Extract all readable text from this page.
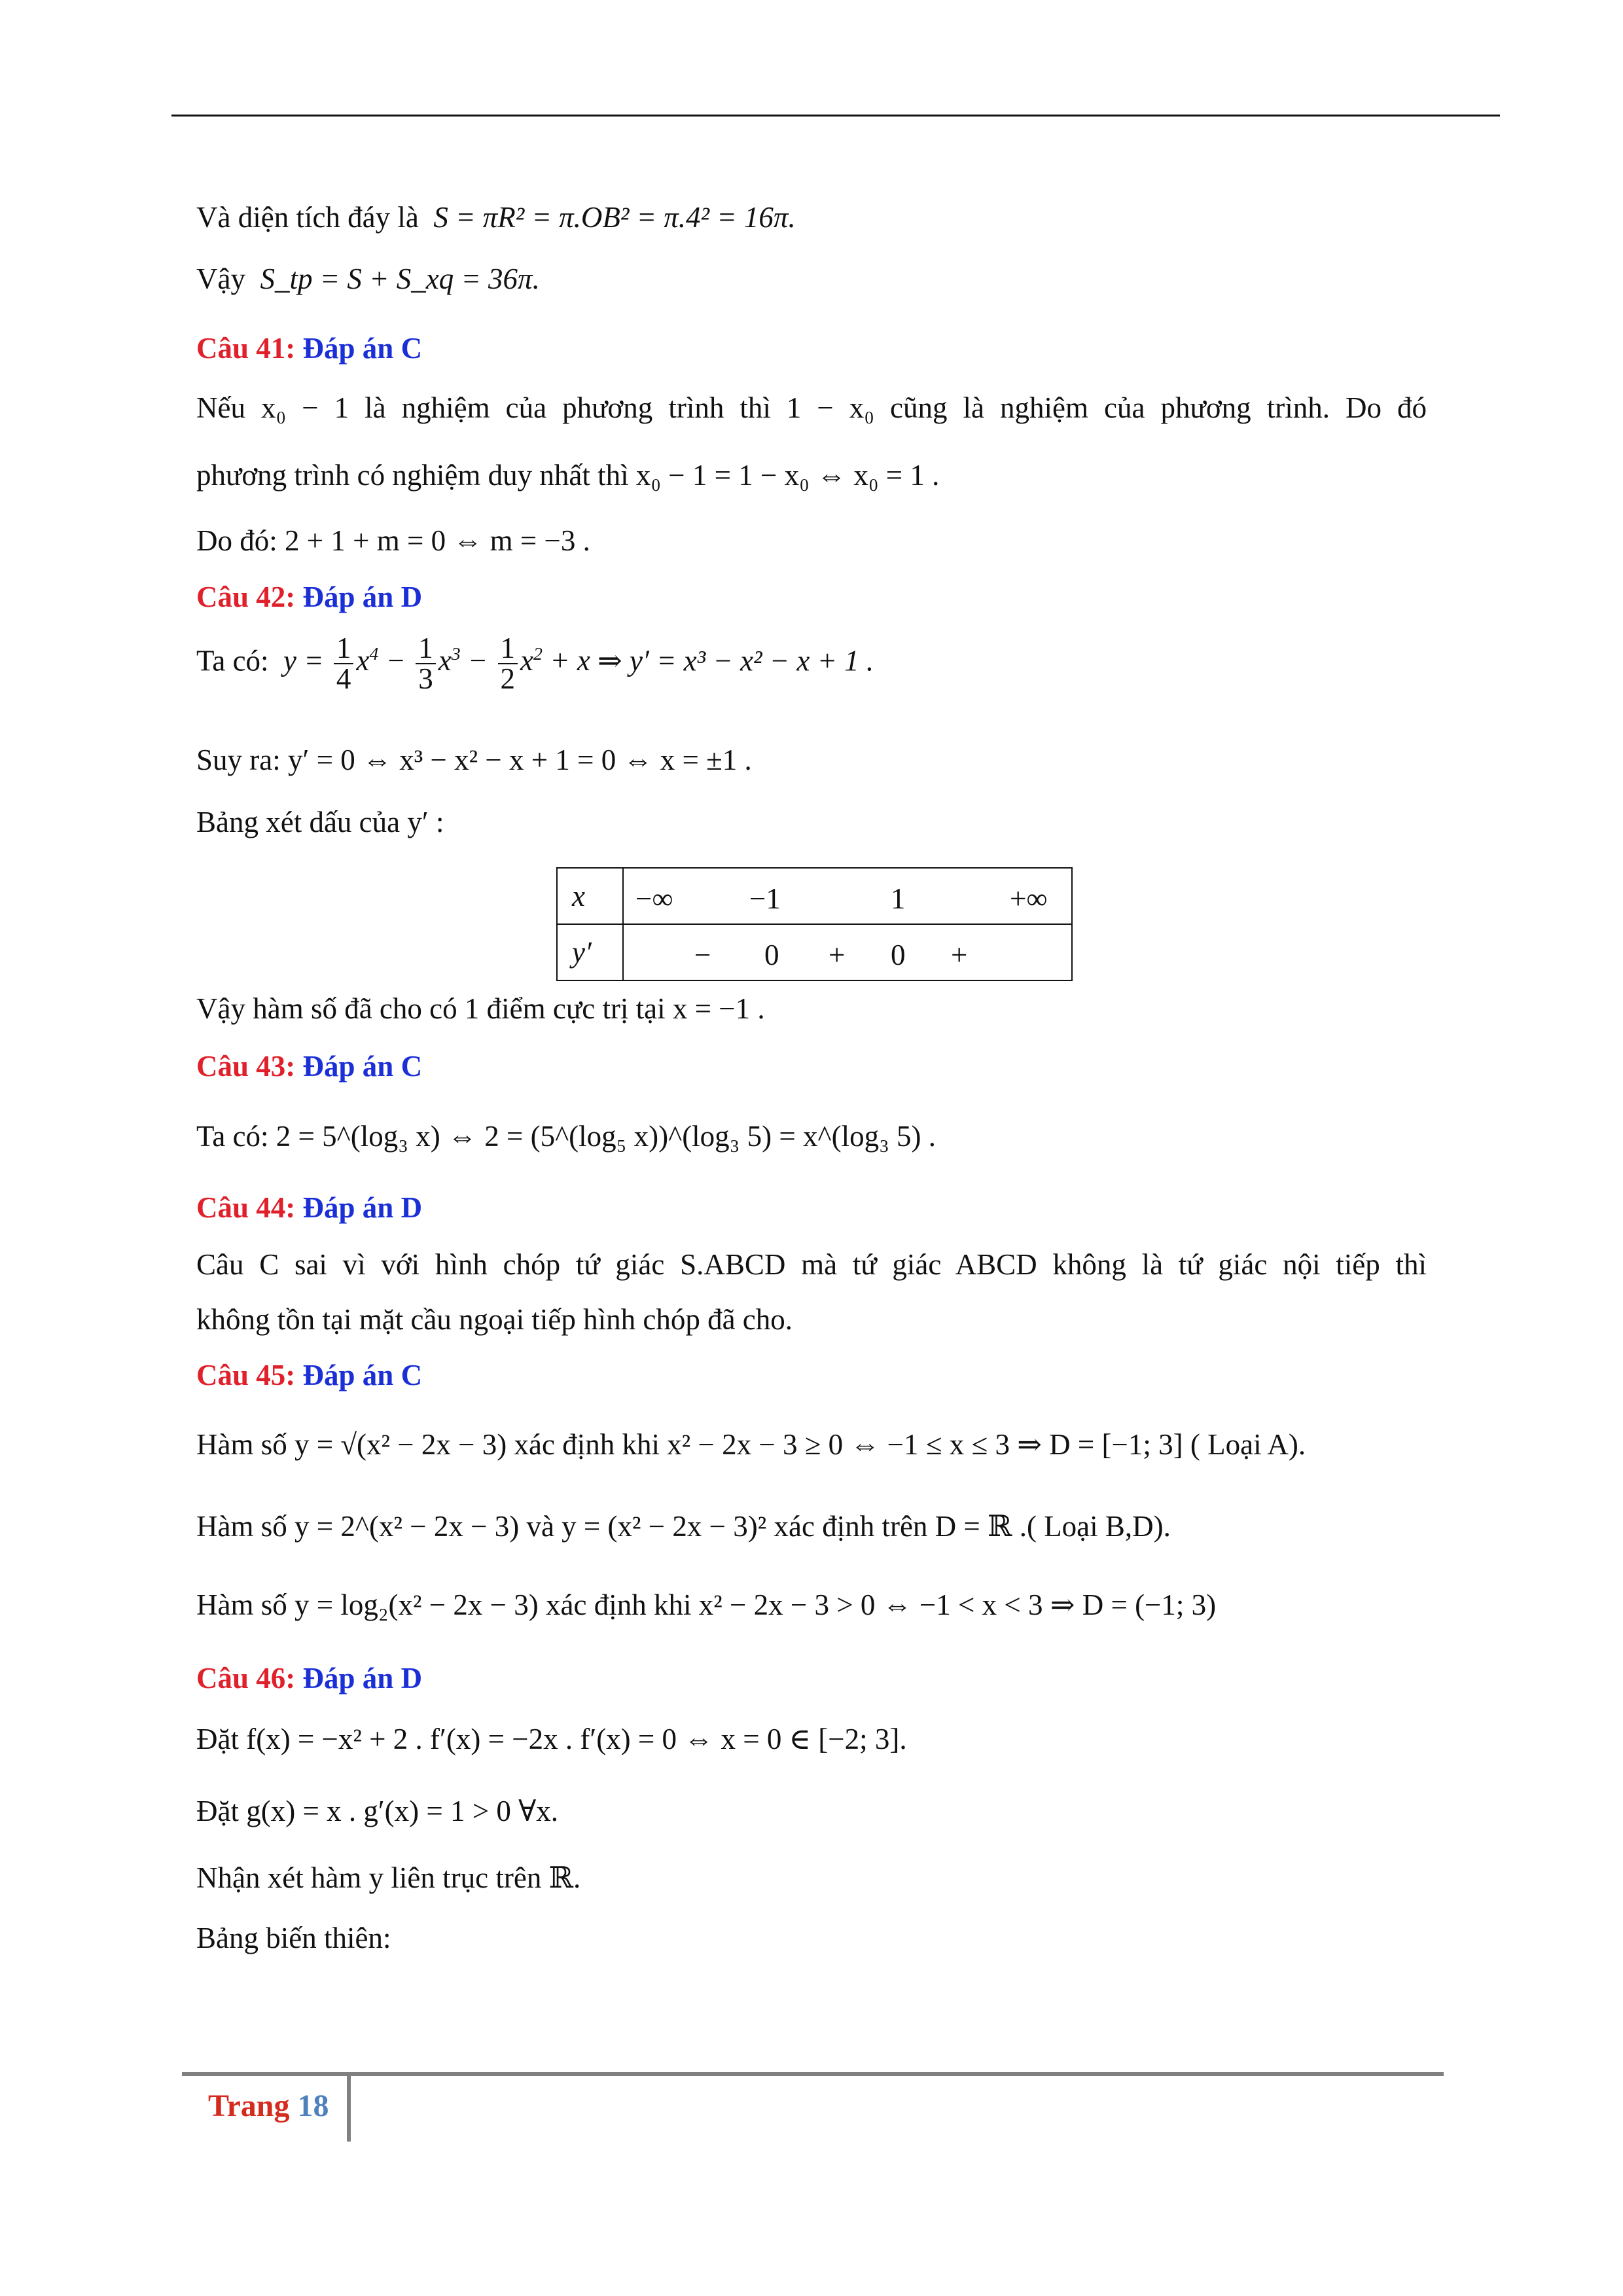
Và diện tích đáy là S = πR² = π.OB² = π.4² = 16π.
Vậy S_tp = S + S_xq = 36π.
Câu 41: Đáp án C
Nếu x₀ − 1 là nghiệm của phương trình thì 1 − x₀ cũng là nghiệm của phương trình. Do đó
phương trình có nghiệm duy nhất thì x₀ − 1 = 1 − x₀ ⇔ x₀ = 1 .
Do đó: 2 + 1 + m = 0 ⇔ m = −3 .
Câu 42: Đáp án D
Ta có: $y = \frac{1}{4} x^4 - \frac{1}{3} x^3 - \frac{1}{2} x^2 + x$ ⇒ y′ = x³ − x² − x + 1 .
Suy ra: y′ = 0 ⇔ x³ − x² − x + 1 = 0 ⇔ x = ±1 .
Bảng xét dấu của y′ :
x	−∞ −1 1 +∞

y′	− 0 + 0 +
Vậy hàm số đã cho có 1 điểm cực trị tại x = −1 .
Câu 43: Đáp án C
Ta có: 2 = 5^(log₃ x) ⇔ 2 = (5^(log₅ x))^(log₃ 5) = x^(log₃ 5) .
Câu 44: Đáp án D
Câu C sai vì với hình chóp tứ giác S.ABCD mà tứ giác ABCD không là tứ giác nội tiếp thì
không tồn tại mặt cầu ngoại tiếp hình chóp đã cho.
Câu 45: Đáp án C
Hàm số y = √(x² − 2x − 3) xác định khi x² − 2x − 3 ≥ 0 ⇔ −1 ≤ x ≤ 3 ⇒ D = [−1; 3] ( Loại A).
Hàm số y = 2^(x² − 2x − 3) và y = (x² − 2x − 3)² xác định trên D = ℝ .( Loại B,D).
Hàm số y = log₂(x² − 2x − 3) xác định khi x² − 2x − 3 > 0 ⇔ −1 < x < 3 ⇒ D = (−1; 3)
Câu 46: Đáp án D
Đặt f(x) = −x² + 2 . f′(x) = −2x . f′(x) = 0 ⇔ x = 0 ∈ [−2; 3].
Đặt g(x) = x . g′(x) = 1 > 0 ∀x.
Nhận xét hàm y liên trục trên ℝ.
Bảng biến thiên:
Trang 18
